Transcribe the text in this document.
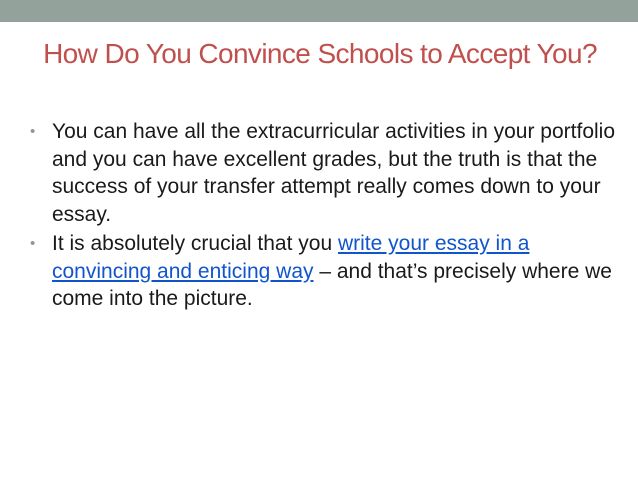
How Do You Convince Schools to Accept You?
• You can have all the extracurricular activities in your portfolio and you can have excellent grades, but the truth is that the success of your transfer attempt really comes down to your essay.
• It is absolutely crucial that you write your essay in a convincing and enticing way – and that’s precisely where we come into the picture.
